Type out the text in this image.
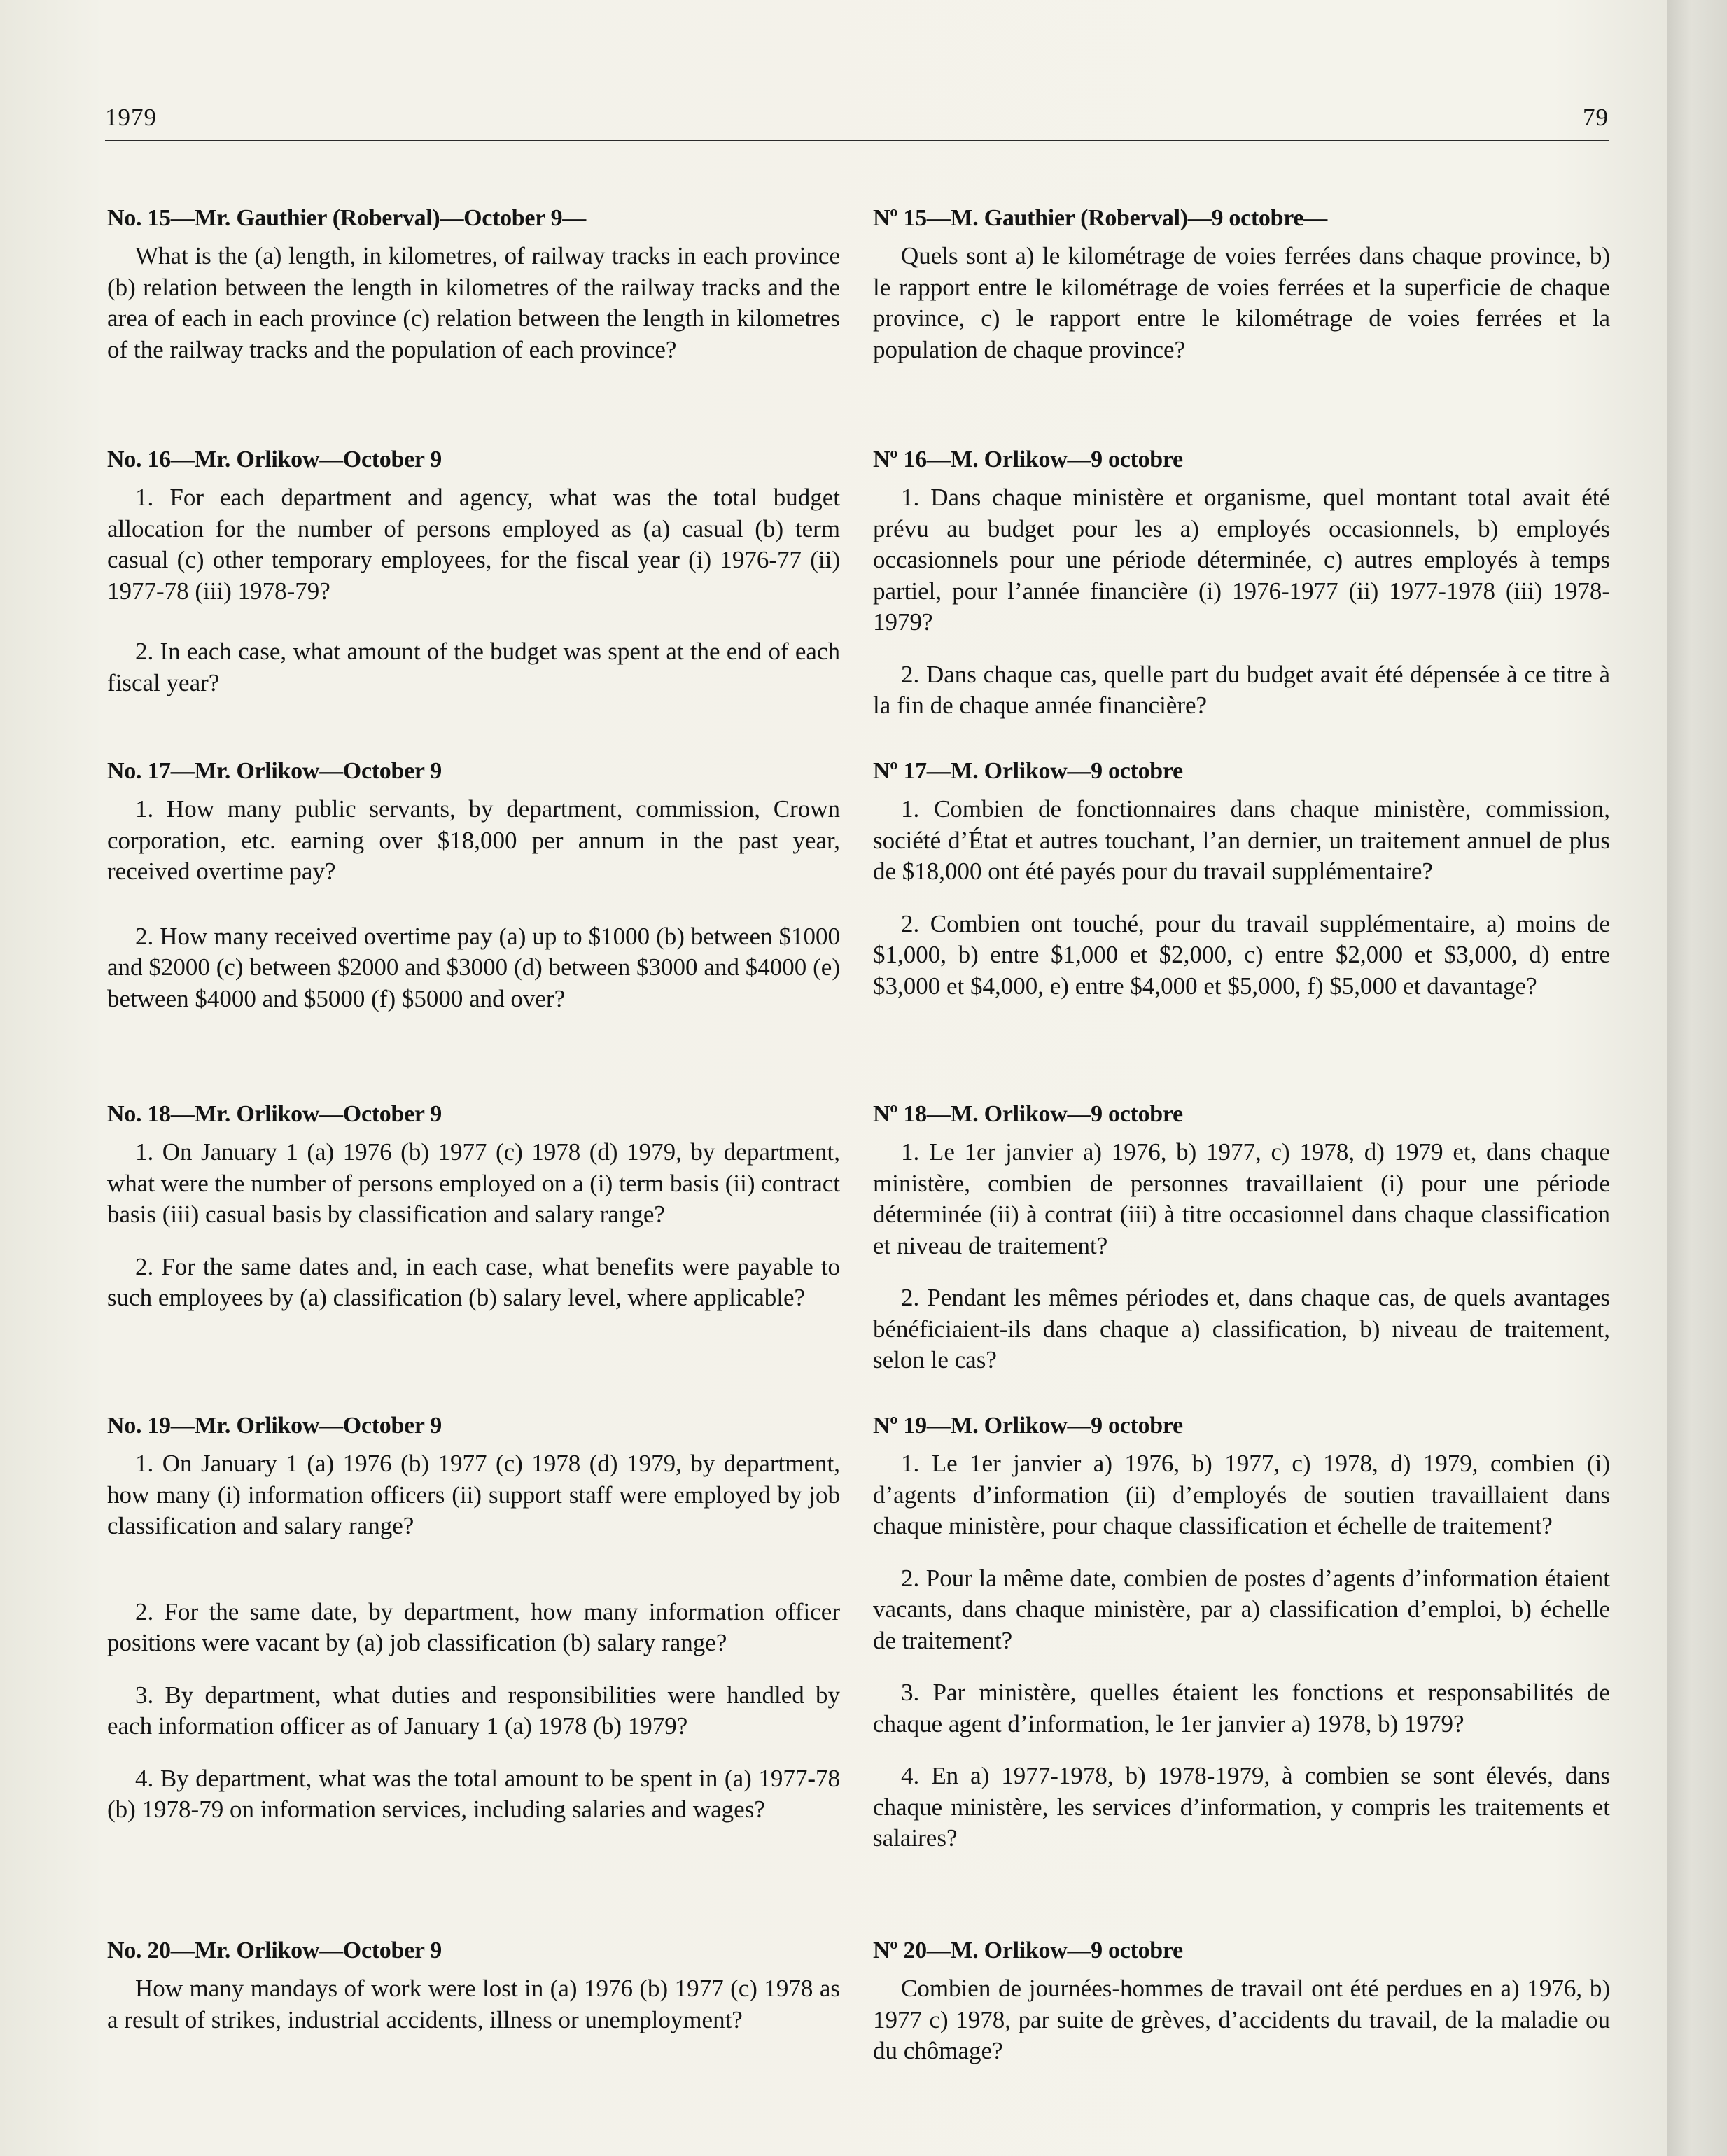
1979	79
No. 15—Mr. Gauthier (Roberval)—October 9—

What is the (a) length, in kilometres, of railway tracks in each province (b) relation between the length in kilometres of the railway tracks and the area of each in each province (c) relation between the length in kilometres of the railway tracks and the population of each province?

No. 16—Mr. Orlikow—October 9

1. For each department and agency, what was the total budget allocation for the number of persons employed as (a) casual (b) term casual (c) other temporary employees, for the fiscal year (i) 1976-77 (ii) 1977-78 (iii) 1978-79?

2. In each case, what amount of the budget was spent at the end of each fiscal year?

No. 17—Mr. Orlikow—October 9

1. How many public servants, by department, commission, Crown corporation, etc. earning over $18,000 per annum in the past year, received overtime pay?

2. How many received overtime pay (a) up to $1000 (b) between $1000 and $2000 (c) between $2000 and $3000 (d) between $3000 and $4000 (e) between $4000 and $5000 (f) $5000 and over?

No. 18—Mr. Orlikow—October 9

1. On January 1 (a) 1976 (b) 1977 (c) 1978 (d) 1979, by department, what were the number of persons employed on a (i) term basis (ii) contract basis (iii) casual basis by classification and salary range?

2. For the same dates and, in each case, what benefits were payable to such employees by (a) classification (b) salary level, where applicable?

No. 19—Mr. Orlikow—October 9

1. On January 1 (a) 1976 (b) 1977 (c) 1978 (d) 1979, by department, how many (i) information officers (ii) support staff were employed by job classification and salary range?

2. For the same date, by department, how many information officer positions were vacant by (a) job classification (b) salary range?

3. By department, what duties and responsibilities were handled by each information officer as of January 1 (a) 1978 (b) 1979?

4. By department, what was the total amount to be spent in (a) 1977-78 (b) 1978-79 on information services, including salaries and wages?

No. 20—Mr. Orlikow—October 9

How many mandays of work were lost in (a) 1976 (b) 1977 (c) 1978 as a result of strikes, industrial accidents, illness or unemployment?

Nº 15—M. Gauthier (Roberval)—9 octobre—

Quels sont a) le kilométrage de voies ferrées dans chaque province, b) le rapport entre le kilométrage de voies ferrées et la superficie de chaque province, c) le rapport entre le kilométrage de voies ferrées et la population de chaque province?

Nº 16—M. Orlikow—9 octobre

1. Dans chaque ministère et organisme, quel montant total avait été prévu au budget pour les a) employés occasionnels, b) employés occasionnels pour une période déterminée, c) autres employés à temps partiel, pour l’année financière (i) 1976-1977 (ii) 1977-1978 (iii) 1978-1979?

2. Dans chaque cas, quelle part du budget avait été dépensée à ce titre à la fin de chaque année financière?

Nº 17—M. Orlikow—9 octobre

1. Combien de fonctionnaires dans chaque ministère, commission, société d’État et autres touchant, l’an dernier, un traitement annuel de plus de $18,000 ont été payés pour du travail supplémentaire?

2. Combien ont touché, pour du travail supplémentaire, a) moins de $1,000, b) entre $1,000 et $2,000, c) entre $2,000 et $3,000, d) entre $3,000 et $4,000, e) entre $4,000 et $5,000, f) $5,000 et davantage?

Nº 18—M. Orlikow—9 octobre

1. Le 1er janvier a) 1976, b) 1977, c) 1978, d) 1979 et, dans chaque ministère, combien de personnes travaillaient (i) pour une période déterminée (ii) à contrat (iii) à titre occasionnel dans chaque classification et niveau de traitement?

2. Pendant les mêmes périodes et, dans chaque cas, de quels avantages bénéficiaient-ils dans chaque a) classification, b) niveau de traitement, selon le cas?

Nº 19—M. Orlikow—9 octobre

1. Le 1er janvier a) 1976, b) 1977, c) 1978, d) 1979, combien (i) d’agents d’information (ii) d’employés de soutien travaillaient dans chaque ministère, pour chaque classification et échelle de traitement?

2. Pour la même date, combien de postes d’agents d’information étaient vacants, dans chaque ministère, par a) classification d’emploi, b) échelle de traitement?

3. Par ministère, quelles étaient les fonctions et responsabilités de chaque agent d’information, le 1er janvier a) 1978, b) 1979?

4. En a) 1977-1978, b) 1978-1979, à combien se sont élevés, dans chaque ministère, les services d’information, y compris les traitements et salaires?

Nº 20—M. Orlikow—9 octobre

Combien de journées-hommes de travail ont été perdues en a) 1976, b) 1977 c) 1978, par suite de grèves, d’accidents du travail, de la maladie ou du chômage?
